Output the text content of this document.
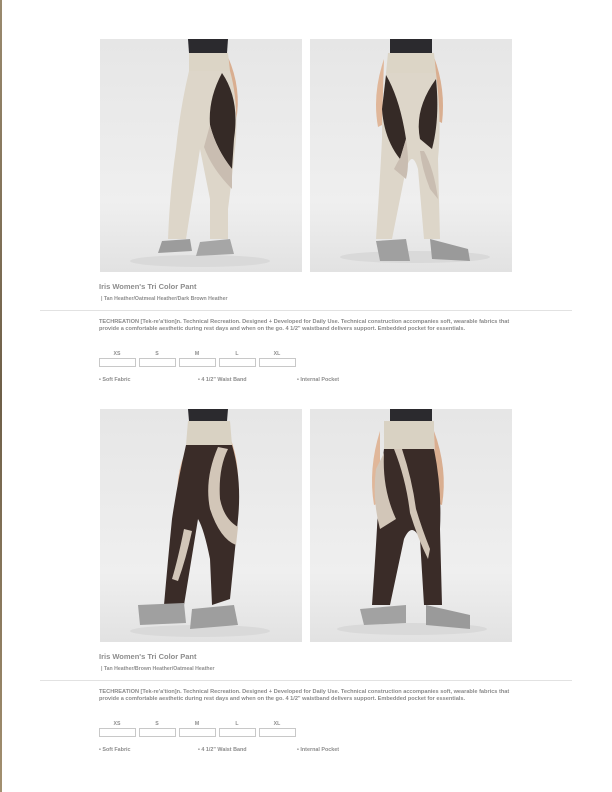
Iris Women's Tri Color Pant
| Tan Heather/Oatmeal Heather/Dark Brown Heather
TECHREATION [Tek-re'a'tion]n. Technical Recreation. Designed + Developed for Daily Use. Technical construction accompanies soft, wearable fabrics that provide a comfortable aesthetic during rest days and when on the go. 4 1/2" waistband delivers support. Embedded pocket for essentials.
XS	S	M	L	XL
• Soft Fabric	• 4 1/2" Waist Band	• Internal Pocket
Iris Women's Tri Color Pant
| Tan Heather/Brown Heather/Oatmeal Heather
TECHREATION [Tek-re'a'tion]n. Technical Recreation. Designed + Developed for Daily Use. Technical construction accompanies soft, wearable fabrics that provide a comfortable aesthetic during rest days and when on the go. 4 1/2" waistband delivers support. Embedded pocket for essentials.
XS	S	M	L	XL
• Soft Fabric	• 4 1/2" Waist Band	• Internal Pocket
